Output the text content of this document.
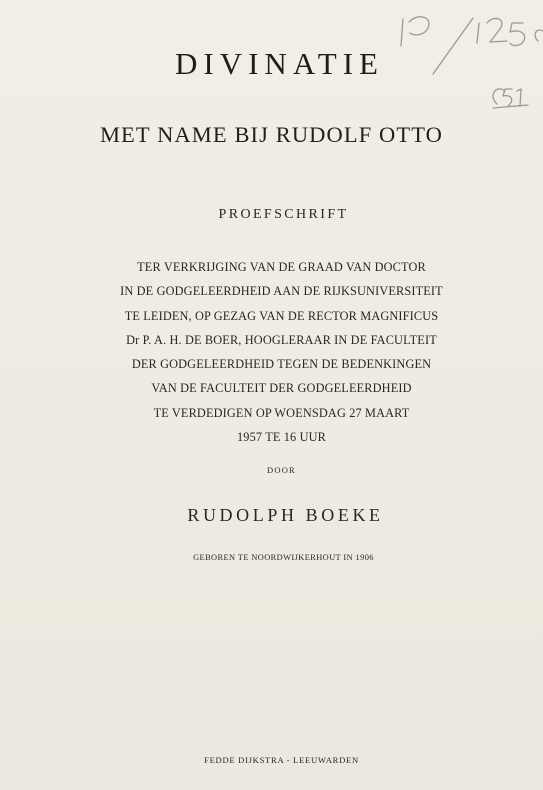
DIVINATIE
MET NAME BIJ RUDOLF OTTO
PROEFSCHRIFT
TER VERKRIJGING VAN DE GRAAD VAN DOCTOR
IN DE GODGELEERDHEID AAN DE RIJKSUNIVERSITEIT
TE LEIDEN, OP GEZAG VAN DE RECTOR MAGNIFICUS
Dr P. A. H. DE BOER, HOOGLERAAR IN DE FACULTEIT
DER GODGELEERDHEID TEGEN DE BEDENKINGEN
VAN DE FACULTEIT DER GODGELEERDHEID
TE VERDEDIGEN OP WOENSDAG 27 MAART
1957 TE 16 UUR
DOOR
RUDOLPH BOEKE
GEBOREN TE NOORDWIJKERHOUT IN 1906
FEDDE DIJKSTRA - LEEUWARDEN
